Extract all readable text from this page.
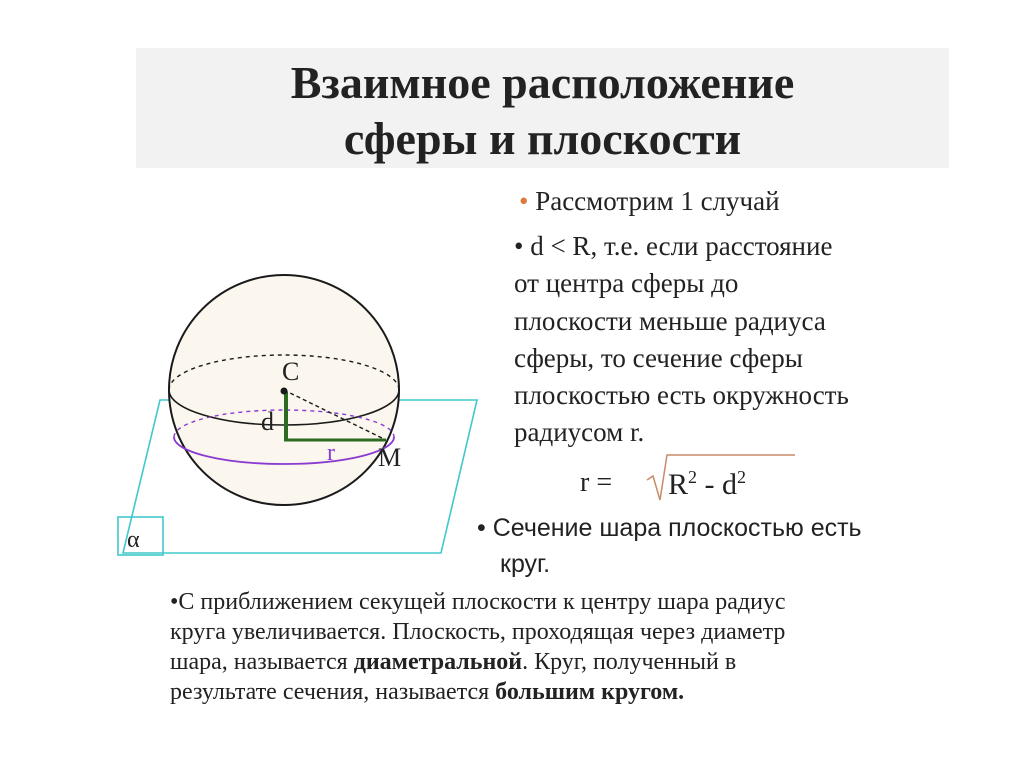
Взаимное расположение
сферы и плоскости
α
C
d
r M
• Рассмотрим 1 случай
• d < R, т.е. если расстояние
от центра сферы до
плоскости меньше радиуса
сферы, то сечение сферы
плоскостью есть окружность
радиусом r.
$r = R^2 - d^2$
• Сечение шара плоскостью есть
круг.
•С приближением секущей плоскости к центру шара радиус
круга увеличивается. Плоскость, проходящая через диаметр
шара, называется диаметральной. Круг, полученный в
результате сечения, называется большим кругом.
